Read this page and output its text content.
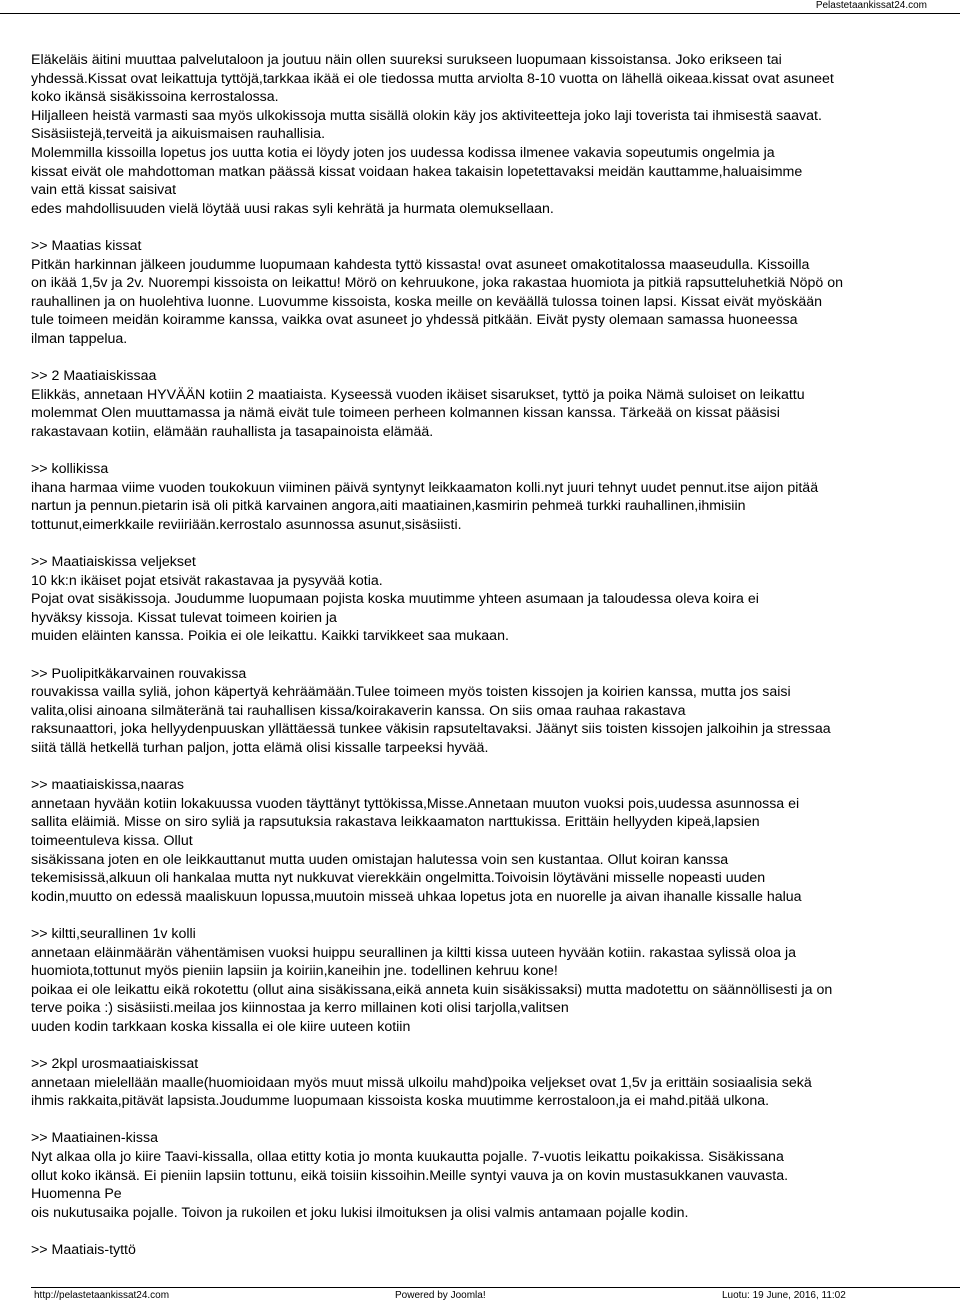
Pelastetaankissat24.com

Eläkeläis äitini muuttaa palvelutaloon ja joutuu näin ollen suureksi surukseen luopumaan kissoistansa. Joko erikseen tai

yhdessä.Kissat ovat leikattuja tyttöjä,tarkkaa ikää ei ole tiedossa mutta arviolta 8-10 vuotta on lähellä oikeaa.kissat ovat asuneet

koko ikänsä sisäkissoina kerrostalossa.

Hiljalleen heistä varmasti saa myös ulkokissoja mutta sisällä olokin käy jos aktiviteetteja joko laji toverista tai ihmisestä saavat.

Sisäsiistejä,terveitä ja aikuismaisen rauhallisia.

Molemmilla kissoilla lopetus jos uutta kotia ei löydy joten jos uudessa kodissa ilmenee vakavia sopeutumis ongelmia ja

kissat eivät ole mahdottoman matkan päässä kissat voidaan hakea takaisin lopetettavaksi meidän kauttamme,haluaisimme

vain että kissat saisivat

edes mahdollisuuden vielä löytää uusi rakas syli kehrätä ja hurmata olemuksellaan.

>> Maatias kissat

Pitkän harkinnan jälkeen joudumme luopumaan kahdesta tyttö kissasta! ovat asuneet omakotitalossa maaseudulla. Kissoilla

on ikää 1,5v ja 2v. Nuorempi kissoista on leikattu! Mörö on kehruukone, joka rakastaa huomiota ja pitkiä rapsutteluhetkiä Nöpö on

rauhallinen ja on huolehtiva luonne. Luovumme kissoista, koska meille on keväällä tulossa toinen lapsi. Kissat eivät myöskään

tule toimeen meidän koiramme kanssa, vaikka ovat asuneet jo yhdessä pitkään. Eivät pysty olemaan samassa huoneessa

ilman tappelua.

>> 2 Maatiaiskissaa

Elikkäs, annetaan HYVÄÄN kotiin 2 maatiaista. Kyseessä vuoden ikäiset sisarukset, tyttö ja poika Nämä suloiset on leikattu

molemmat Olen muuttamassa ja nämä eivät tule toimeen perheen kolmannen kissan kanssa. Tärkeää on kissat pääsisi

rakastavaan kotiin, elämään rauhallista ja tasapainoista elämää.

>> kollikissa

ihana harmaa viime vuoden toukokuun viiminen päivä syntynyt leikkaamaton kolli.nyt juuri tehnyt uudet pennut.itse aijon pitää

nartun ja pennun.pietarin isä oli pitkä karvainen angora,aiti maatiainen,kasmirin pehmeä turkki rauhallinen,ihmisiin

tottunut,eimerkkaile reviiriään.kerrostalo asunnossa asunut,sisäsiisti.

>> Maatiaiskissa veljekset

10 kk:n ikäiset pojat etsivät rakastavaa ja pysyvää kotia.

Pojat ovat sisäkissoja. Joudumme luopumaan pojista koska muutimme yhteen asumaan ja taloudessa oleva koira ei

hyväksy kissoja. Kissat tulevat toimeen koirien ja

muiden eläinten kanssa. Poikia ei ole leikattu. Kaikki tarvikkeet saa mukaan.

>> Puolipitkäkarvainen rouvakissa

rouvakissa vailla syliä, johon käpertyä kehräämään.Tulee toimeen myös toisten kissojen ja koirien kanssa, mutta jos saisi

valita,olisi ainoana silmäteränä tai rauhallisen kissa/koirakaverin kanssa. On siis omaa rauhaa rakastava

raksunaattori, joka hellyydenpuuskan yllättäessä tunkee väkisin rapsuteltavaksi. Jäänyt siis toisten kissojen jalkoihin ja stressaa

siitä tällä hetkellä turhan paljon, jotta elämä olisi kissalle tarpeeksi hyvää.

>> maatiaiskissa,naaras

annetaan hyvään kotiin lokakuussa vuoden täyttänyt tyttökissa,Misse.Annetaan muuton vuoksi pois,uudessa asunnossa ei

sallita eläimiä. Misse on siro syliä ja rapsutuksia rakastava leikkaamaton narttukissa. Erittäin hellyyden kipeä,lapsien

toimeentuleva kissa. Ollut

sisäkissana joten en ole leikkauttanut mutta uuden omistajan halutessa voin sen kustantaa. Ollut koiran kanssa

tekemisissä,alkuun oli hankalaa mutta nyt nukkuvat vierekkäin ongelmitta.Toivoisin löytäväni misselle nopeasti uuden

kodin,muutto on edessä maaliskuun lopussa,muutoin misseä uhkaa lopetus jota en nuorelle ja aivan ihanalle kissalle halua

>> kiltti,seurallinen 1v kolli

annetaan eläinmäärän vähentämisen vuoksi huippu seurallinen ja kiltti kissa uuteen hyvään kotiin. rakastaa sylissä oloa ja

huomiota,tottunut myös pieniin lapsiin ja koiriin,kaneihin jne. todellinen kehruu kone!

poikaa ei ole leikattu eikä rokotettu (ollut aina sisäkissana,eikä anneta kuin sisäkissaksi) mutta madotettu on säännöllisesti ja on

terve poika :) sisäsiisti.meilaa jos kiinnostaa ja kerro millainen koti olisi tarjolla,valitsen

uuden kodin tarkkaan koska kissalla ei ole kiire uuteen kotiin

>> 2kpl urosmaatiaiskissat

annetaan mielellään maalle(huomioidaan myös muut missä ulkoilu mahd)poika veljekset ovat 1,5v ja erittäin sosiaalisia sekä

ihmis rakkaita,pitävät lapsista.Joudumme luopumaan kissoista koska muutimme kerrostaloon,ja ei mahd.pitää ulkona.

>> Maatiainen-kissa

Nyt alkaa olla jo kiire Taavi-kissalla, ollaa etitty kotia jo monta kuukautta pojalle. 7-vuotis leikattu poikakissa. Sisäkissana

ollut koko ikänsä. Ei pieniin lapsiin tottunu, eikä toisiin kissoihin.Meille syntyi vauva ja on kovin mustasukkanen vauvasta.

Huomenna Pe

ois nukutusaika pojalle. Toivon ja rukoilen et joku lukisi ilmoituksen ja olisi valmis antamaan pojalle kodin.

>> Maatiais-tyttö

http://pelastetaankissat24.com	Powered by Joomla!	Luotu: 19 June, 2016, 11:02
